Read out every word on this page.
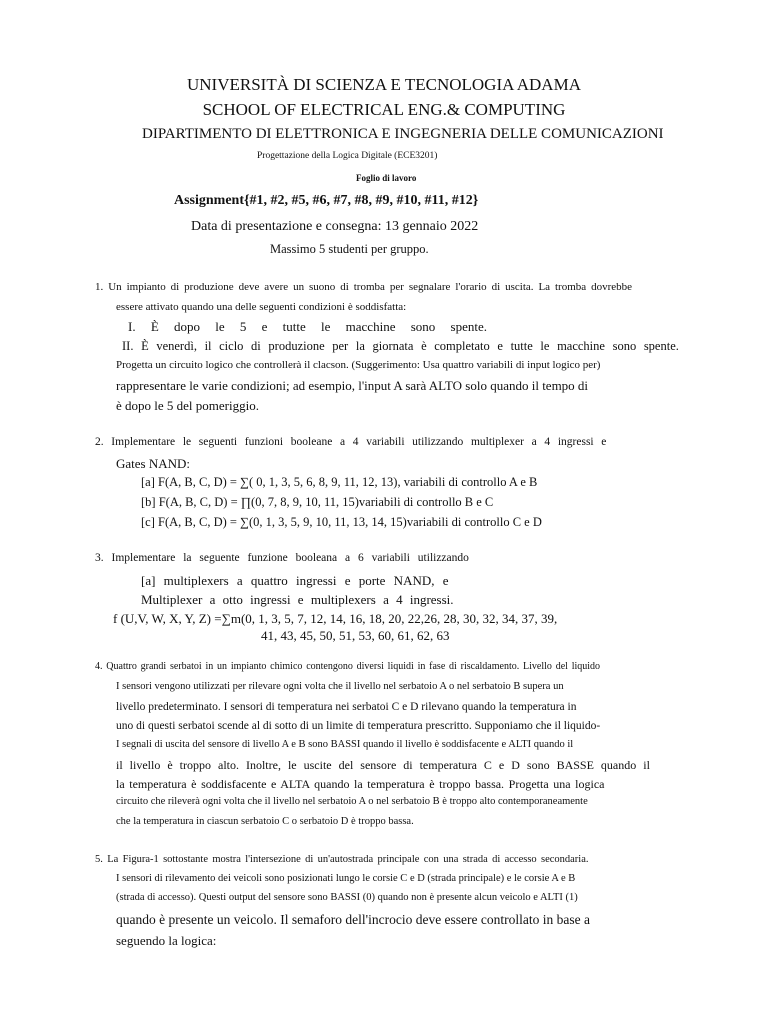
UNIVERSITÀ DI SCIENZA E TECNOLOGIA ADAMA
SCHOOL OF ELECTRICAL ENG.& COMPUTING
DIPARTIMENTO DI ELETTRONICA E INGEGNERIA DELLE COMUNICAZIONI
Progettazione della Logica Digitale (ECE3201)
Foglio di lavoro
Assignment{#1, #2, #5, #6, #7, #8, #9, #10, #11, #12}
Data di presentazione e consegna: 13 gennaio 2022
Massimo 5 studenti per gruppo.
1. Un impianto di produzione deve avere un suono di tromba per segnalare l'orario di uscita. La tromba dovrebbe
essere attivato quando una delle seguenti condizioni è soddisfatta:
I. È dopo le 5 e tutte le macchine sono spente.
II. È venerdì, il ciclo di produzione per la giornata è completato e tutte le macchine sono spente.
Progetta un circuito logico che controllerà il clacson. (Suggerimento: Usa quattro variabili di input logico per)
rappresentare le varie condizioni; ad esempio, l'input A sarà ALTO solo quando il tempo di
è dopo le 5 del pomeriggio.
2. Implementare le seguenti funzioni booleane a 4 variabili utilizzando multiplexer a 4 ingressi e
Gates NAND:
[a] F(A, B, C, D) = ∑( 0, 1, 3, 5, 6, 8, 9, 11, 12, 13), variabili di controllo A e B
[b] F(A, B, C, D) = ∏(0, 7, 8, 9, 10, 11, 15)variabili di controllo B e C
[c] F(A, B, C, D) = ∑(0, 1, 3, 5, 9, 10, 11, 13, 14, 15)variabili di controllo C e D
3. Implementare la seguente funzione booleana a 6 variabili utilizzando
[a] multiplexers a quattro ingressi e porte NAND, e
Multiplexer a otto ingressi e multiplexers a 4 ingressi.
f (U,V, W, X, Y, Z) =∑m(0, 1, 3, 5, 7, 12, 14, 16, 18, 20, 22,26, 28, 30, 32, 34, 37, 39,
41, 43, 45, 50, 51, 53, 60, 61, 62, 63
4. Quattro grandi serbatoi in un impianto chimico contengono diversi liquidi in fase di riscaldamento. Livello del liquido
I sensori vengono utilizzati per rilevare ogni volta che il livello nel serbatoio A o nel serbatoio B supera un
livello predeterminato. I sensori di temperatura nei serbatoi C e D rilevano quando la temperatura in
uno di questi serbatoi scende al di sotto di un limite di temperatura prescritto. Supponiamo che il liquido-
I segnali di uscita del sensore di livello A e B sono BASSI quando il livello è soddisfacente e ALTI quando il
il livello è troppo alto. Inoltre, le uscite del sensore di temperatura C e D sono BASSE quando il
la temperatura è soddisfacente e ALTA quando la temperatura è troppo bassa. Progetta una logica
circuito che rileverà ogni volta che il livello nel serbatoio A o nel serbatoio B è troppo alto contemporaneamente
che la temperatura in ciascun serbatoio C o serbatoio D è troppo bassa.
5. La Figura-1 sottostante mostra l'intersezione di un'autostrada principale con una strada di accesso secondaria.
I sensori di rilevamento dei veicoli sono posizionati lungo le corsie C e D (strada principale) e le corsie A e B
(strada di accesso). Questi output del sensore sono BASSI (0) quando non è presente alcun veicolo e ALTI (1)
quando è presente un veicolo. Il semaforo dell'incrocio deve essere controllato in base a
seguendo la logica:
